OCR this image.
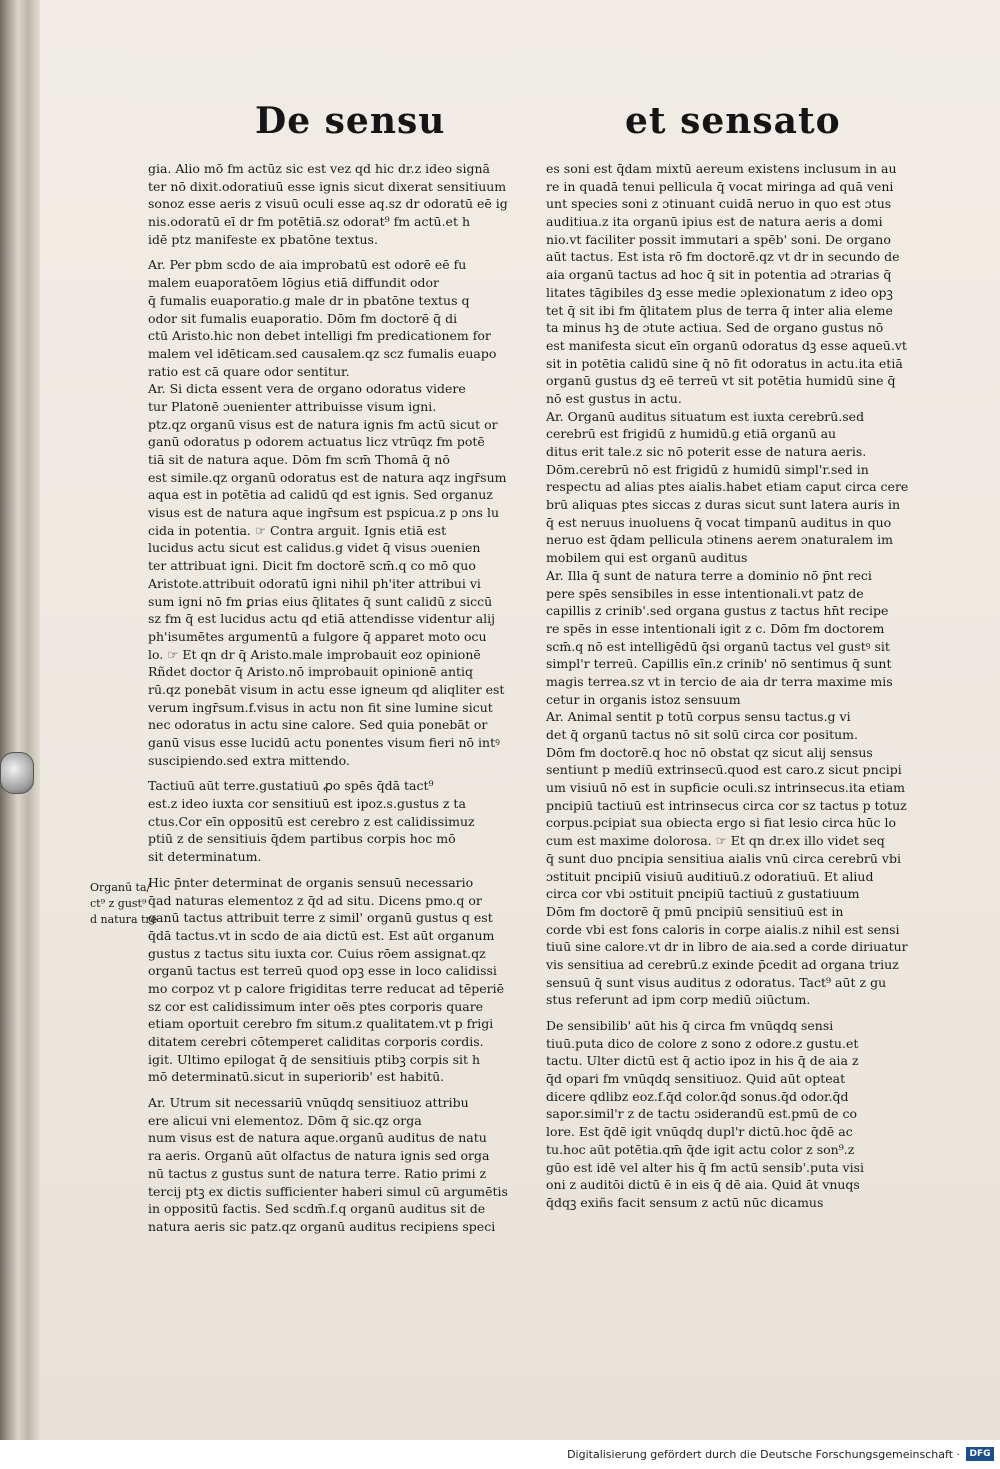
De sensu	et sensato
Organū ta/
ct⁹ z gust⁹
d natura tre
gia. Alio mō fm actūz sic est vez qd hic dr.z ideo signā
ter nō dixit.odoratiuū esse ignis sicut dixerat sensitiuum
sonoz esse aeris z visuū oculi esse aq.sz dr odoratū eē ig
nis.odoratū eī dr fm potētiā.sz odorat⁹ fm actū.et h
idē ptz manifeste ex pbatōne textus.
Ar. Per pbm scdo de aia improbatū est odorē eē fu
malem euaporatōem lōgius etiā diffundit odor
q̄ fumalis euaporatio.g male dr in pbatōne textus q
odor sit fumalis euaporatio. Dōm fm doctorē q̄ di
ctū Aristo.hic non debet intelligi fm predicationem for
malem vel idēticam.sed causalem.qz scz fumalis euapo
ratio est cā quare odor sentitur.
Ar. Si dicta essent vera de organo odoratus videre
tur Platonē ɔuenienter attribuisse visum igni.
ptz.qz organū visus est de natura ignis fm actū sicut or
ganū odoratus p odorem actuatus licz vtrūqz fm potē
tiā sit de natura aque. Dōm fm scm̄ Thomā q̄ nō
est simile.qz organū odoratus est de natura aqz ingr̄sum
aqua est in potētia ad calidū qd est ignis. Sed organuz
visus est de natura aque ingr̄sum est pspicua.z p ɔns lu
cida in potentia. ☞ Contra arguit. Ignis etiā est
lucidus actu sicut est calidus.g videt q̄ visus ɔuenien
ter attribuat igni. Dicit fm doctorē scm̄.q co mō quo
Aristote.attribuit odoratū igni nihil ph'iter attribui vi
sum igni nō fm ꝑrias eius q̄litates q̄ sunt calidū z siccū
sz fm q̄ est lucidus actu qd etiā attendisse videntur alij
ph'isumētes argumentū a fulgore q̄ apparet moto ocu
lo. ☞ Et qn dr q̄ Aristo.male improbauit eoz opinionē
Rñdet doctor q̄ Aristo.nō improbauit opinionē antiq
rū.qz ponebāt visum in actu esse igneum qd aliqliter est
verum ingr̄sum.f.visus in actu non fit sine lumine sicut
nec odoratus in actu sine calore. Sed quia ponebāt or
ganū visus esse lucidū actu ponentes visum fieri nō intꝰ
suscipiendo.sed extra mittendo.
Tactiuū aūt terre.gustatiuū ꝓo spēs q̄dā tact⁹
est.z ideo iuxta cor sensitiuū est ipoz.s.gustus z ta
ctus.Cor eīn oppositū est cerebro z est calidissimuz
ptiū z de sensitiuis q̄dem partibus corpis hoc mō
sit determinatum.
Hic p̄nter determinat de organis sensuū necessario
q̄ad naturas elementoz z q̄d ad situ. Dicens pmo.q or
ganū tactus attribuit terre z simil' organū gustus q est
q̄dā tactus.vt in scdo de aia dictū est. Est aūt organum
gustus z tactus situ iuxta cor. Cuius rōem assignat.qz
organū tactus est terreū quod opꝫ esse in loco calidissi
mo corpoz vt p calore frigiditas terre reducat ad tēperiē
sz cor est calidissimum inter oēs ptes corporis quare
etiam oportuit cerebro fm situm.z qualitatem.vt p frigi
ditatem cerebri cōtemperet caliditas corporis cordis.
igit. Ultimo epilogat q̄ de sensitiuis ptibꝫ corpis sit h
mō determinatū.sicut in superiorib' est habitū.
Ar. Utrum sit necessariū vnūqdq sensitiuoz attribu
ere alicui vni elementoz. Dōm q̄ sic.qz orga
num visus est de natura aque.organū auditus de natu
ra aeris. Organū aūt olfactus de natura ignis sed orga
nū tactus z gustus sunt de natura terre. Ratio primi z
tercij ptꝫ ex dictis sufficienter haberi simul cū argumētis
in oppositū factis. Sed scdm̄.f.q organū auditus sit de
natura aeris sic patz.qz organū auditus recipiens speci
es soni est q̄dam mixtū aereum existens inclusum in au
re in quadā tenui pellicula q̄ vocat miringa ad quā veni
unt species soni z ɔtinuant cuidā neruo in quo est ɔtus
auditiua.z ita organū ipius est de natura aeris a domi
nio.vt faciliter possit immutari a spēb' soni. De organo
aūt tactus. Est ista rō fm doctorē.qz vt dr in secundo de
aia organū tactus ad hoc q̄ sit in potentia ad ɔtrarias q̄
litates tāgibiles dꝫ esse medie ɔplexionatum z ideo opꝫ
tet q̄ sit ibi fm q̄litatem plus de terra q̄ inter alia eleme
ta minus hꝫ de ɔtute actiua. Sed de organo gustus nō
est manifesta sicut eīn organū odoratus dꝫ esse aqueū.vt
sit in potētia calidū sine q̄ nō fit odoratus in actu.ita etiā
organū gustus dꝫ eē terreū vt sit potētia humidū sine q̄
nō est gustus in actu.
Ar. Organū auditus situatum est iuxta cerebrū.sed
cerebrū est frigidū z humidū.g etiā organū au
ditus erit tale.z sic nō poterit esse de natura aeris.
Dōm.cerebrū nō est frigidū z humidū simpl'r.sed in
respectu ad alias ptes aialis.habet etiam caput circa cere
brū aliquas ptes siccas z duras sicut sunt latera auris in
q̄ est neruus inuoluens q̄ vocat timpanū auditus in quo
neruo est q̄dam pellicula ɔtinens aerem ɔnaturalem im
mobilem qui est organū auditus
Ar. Illa q̄ sunt de natura terre a dominio nō p̄nt reci
pere spēs sensibiles in esse intentionali.vt patz de
capillis z crinib'.sed organa gustus z tactus hn̄t recipe
re spēs in esse intentionali igit z c. Dōm fm doctorem
scm̄.q nō est intelligēdū q̄si organū tactus vel gustꝰ sit
simpl'r terreū. Capillis eīn.z crinib' nō sentimus q̄ sunt
magis terrea.sz vt in tercio de aia dr terra maxime mis
cetur in organis istoz sensuum
Ar. Animal sentit p totū corpus sensu tactus.g vi
det q̄ organū tactus nō sit solū circa cor positum.
Dōm fm doctorē.q hoc nō obstat qz sicut alij sensus
sentiunt p mediū extrinsecū.quod est caro.z sicut pncipi
um visiuū nō est in supficie oculi.sz intrinsecus.ita etiam
pncipiū tactiuū est intrinsecus circa cor sz tactus p totuz
corpus.pcipiat sua obiecta ergo si fiat lesio circa hūc lo
cum est maxime dolorosa. ☞ Et qn dr.ex illo videt seq
q̄ sunt duo pncipia sensitiua aialis vnū circa cerebrū vbi
ɔstituit pncipiū visiuū auditiuū.z odoratiuū. Et aliud
circa cor vbi ɔstituit pncipiū tactiuū z gustatiuum
Dōm fm doctorē q̄ pmū pncipiū sensitiuū est in
corde vbi est fons caloris in corpe aialis.z nihil est sensi
tiuū sine calore.vt dr in libro de aia.sed a corde diriuatur
vis sensitiua ad cerebrū.z exinde p̄cedit ad organa triuz
sensuū q̄ sunt visus auditus z odoratus. Tact⁹ aūt z gu
stus referunt ad ipm corp mediū ɔiūctum.
De sensibilib' aūt his q̄ circa fm vnūqdq sensi
tiuū.puta dico de colore z sono z odore.z gustu.et
tactu. Ulter dictū est q̄ actio ipoz in his q̄ de aia z
q̄d opari fm vnūqdq sensitiuoz. Quid aūt opteat
dicere qdlibz eoz.f.q̄d color.q̄d sonus.q̄d odor.q̄d
sapor.simil'r z de tactu ɔsiderandū est.pmū de co
lore. Est q̄dē igit vnūqdq dupl'r dictū.hoc q̄dē ac
tu.hoc aūt potētia.qm̄ q̄de igit actu color z son⁹.z
gūo est idē vel alter his q̄ fm actū sensib'.puta visi
oni z auditōi dictū ē in eis q̄ dē aia. Quid āt vnuqs
q̄dqꝫ exiñs facit sensum z actū nūc dicamus
Digitalisierung gefördert durch die Deutsche Forschungsgemeinschaft ·	DFG
